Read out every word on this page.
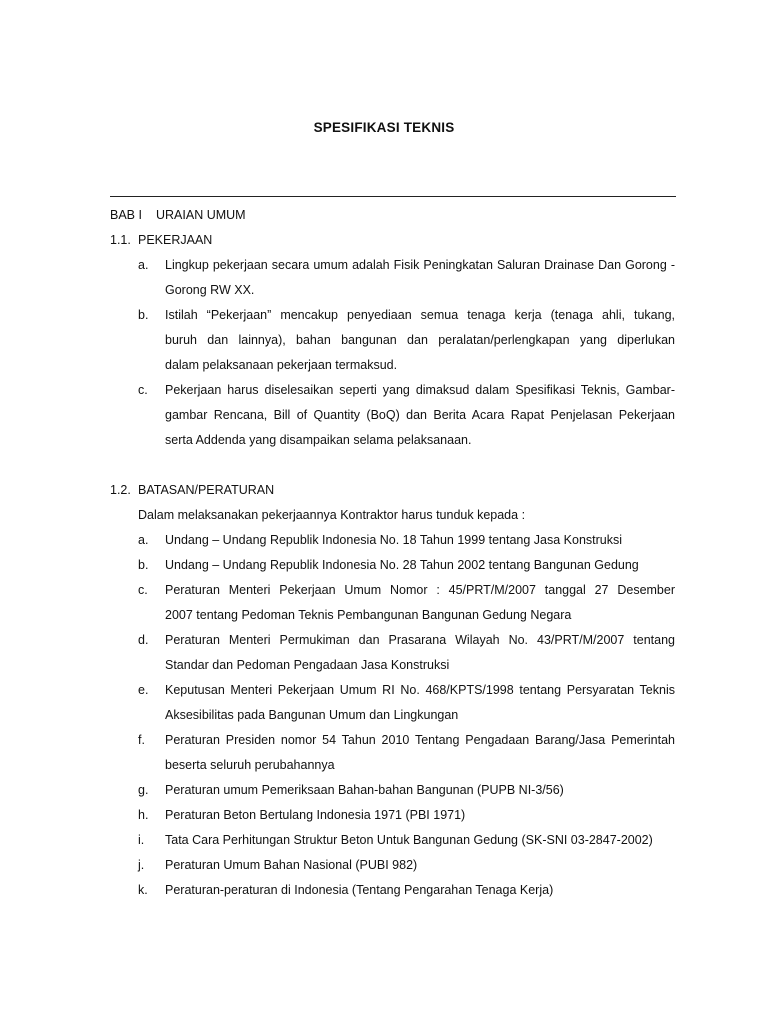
SPESIFIKASI TEKNIS
BAB I URAIAN UMUM
1.1. PEKERJAAN
a. Lingkup pekerjaan secara umum adalah Fisik Peningkatan Saluran Drainase Dan Gorong -
Gorong RW XX.
b. Istilah “Pekerjaan” mencakup penyediaan semua tenaga kerja (tenaga ahli, tukang,
buruh dan lainnya), bahan bangunan dan peralatan/perlengkapan yang diperlukan
dalam pelaksanaan pekerjaan termaksud.
c. Pekerjaan harus diselesaikan seperti yang dimaksud dalam Spesifikasi Teknis, Gambar-
gambar Rencana, Bill of Quantity (BoQ) dan Berita Acara Rapat Penjelasan Pekerjaan
serta Addenda yang disampaikan selama pelaksanaan.
1.2. BATASAN/PERATURAN
Dalam melaksanakan pekerjaannya Kontraktor harus tunduk kepada :
a. Undang – Undang Republik Indonesia No. 18 Tahun 1999 tentang Jasa Konstruksi
b. Undang – Undang Republik Indonesia No. 28 Tahun 2002 tentang Bangunan Gedung
c. Peraturan Menteri Pekerjaan Umum Nomor : 45/PRT/M/2007 tanggal 27 Desember
2007 tentang Pedoman Teknis Pembangunan Bangunan Gedung Negara
d. Peraturan Menteri Permukiman dan Prasarana Wilayah No. 43/PRT/M/2007 tentang
Standar dan Pedoman Pengadaan Jasa Konstruksi
e. Keputusan Menteri Pekerjaan Umum RI No. 468/KPTS/1998 tentang Persyaratan Teknis
Aksesibilitas pada Bangunan Umum dan Lingkungan
f. Peraturan Presiden nomor 54 Tahun 2010 Tentang Pengadaan Barang/Jasa Pemerintah
beserta seluruh perubahannya
g. Peraturan umum Pemeriksaan Bahan-bahan Bangunan (PUPB NI-3/56)
h. Peraturan Beton Bertulang Indonesia 1971 (PBI 1971)
i. Tata Cara Perhitungan Struktur Beton Untuk Bangunan Gedung (SK-SNI 03-2847-2002)
j. Peraturan Umum Bahan Nasional (PUBI 982)
k. Peraturan-peraturan di Indonesia (Tentang Pengarahan Tenaga Kerja)
